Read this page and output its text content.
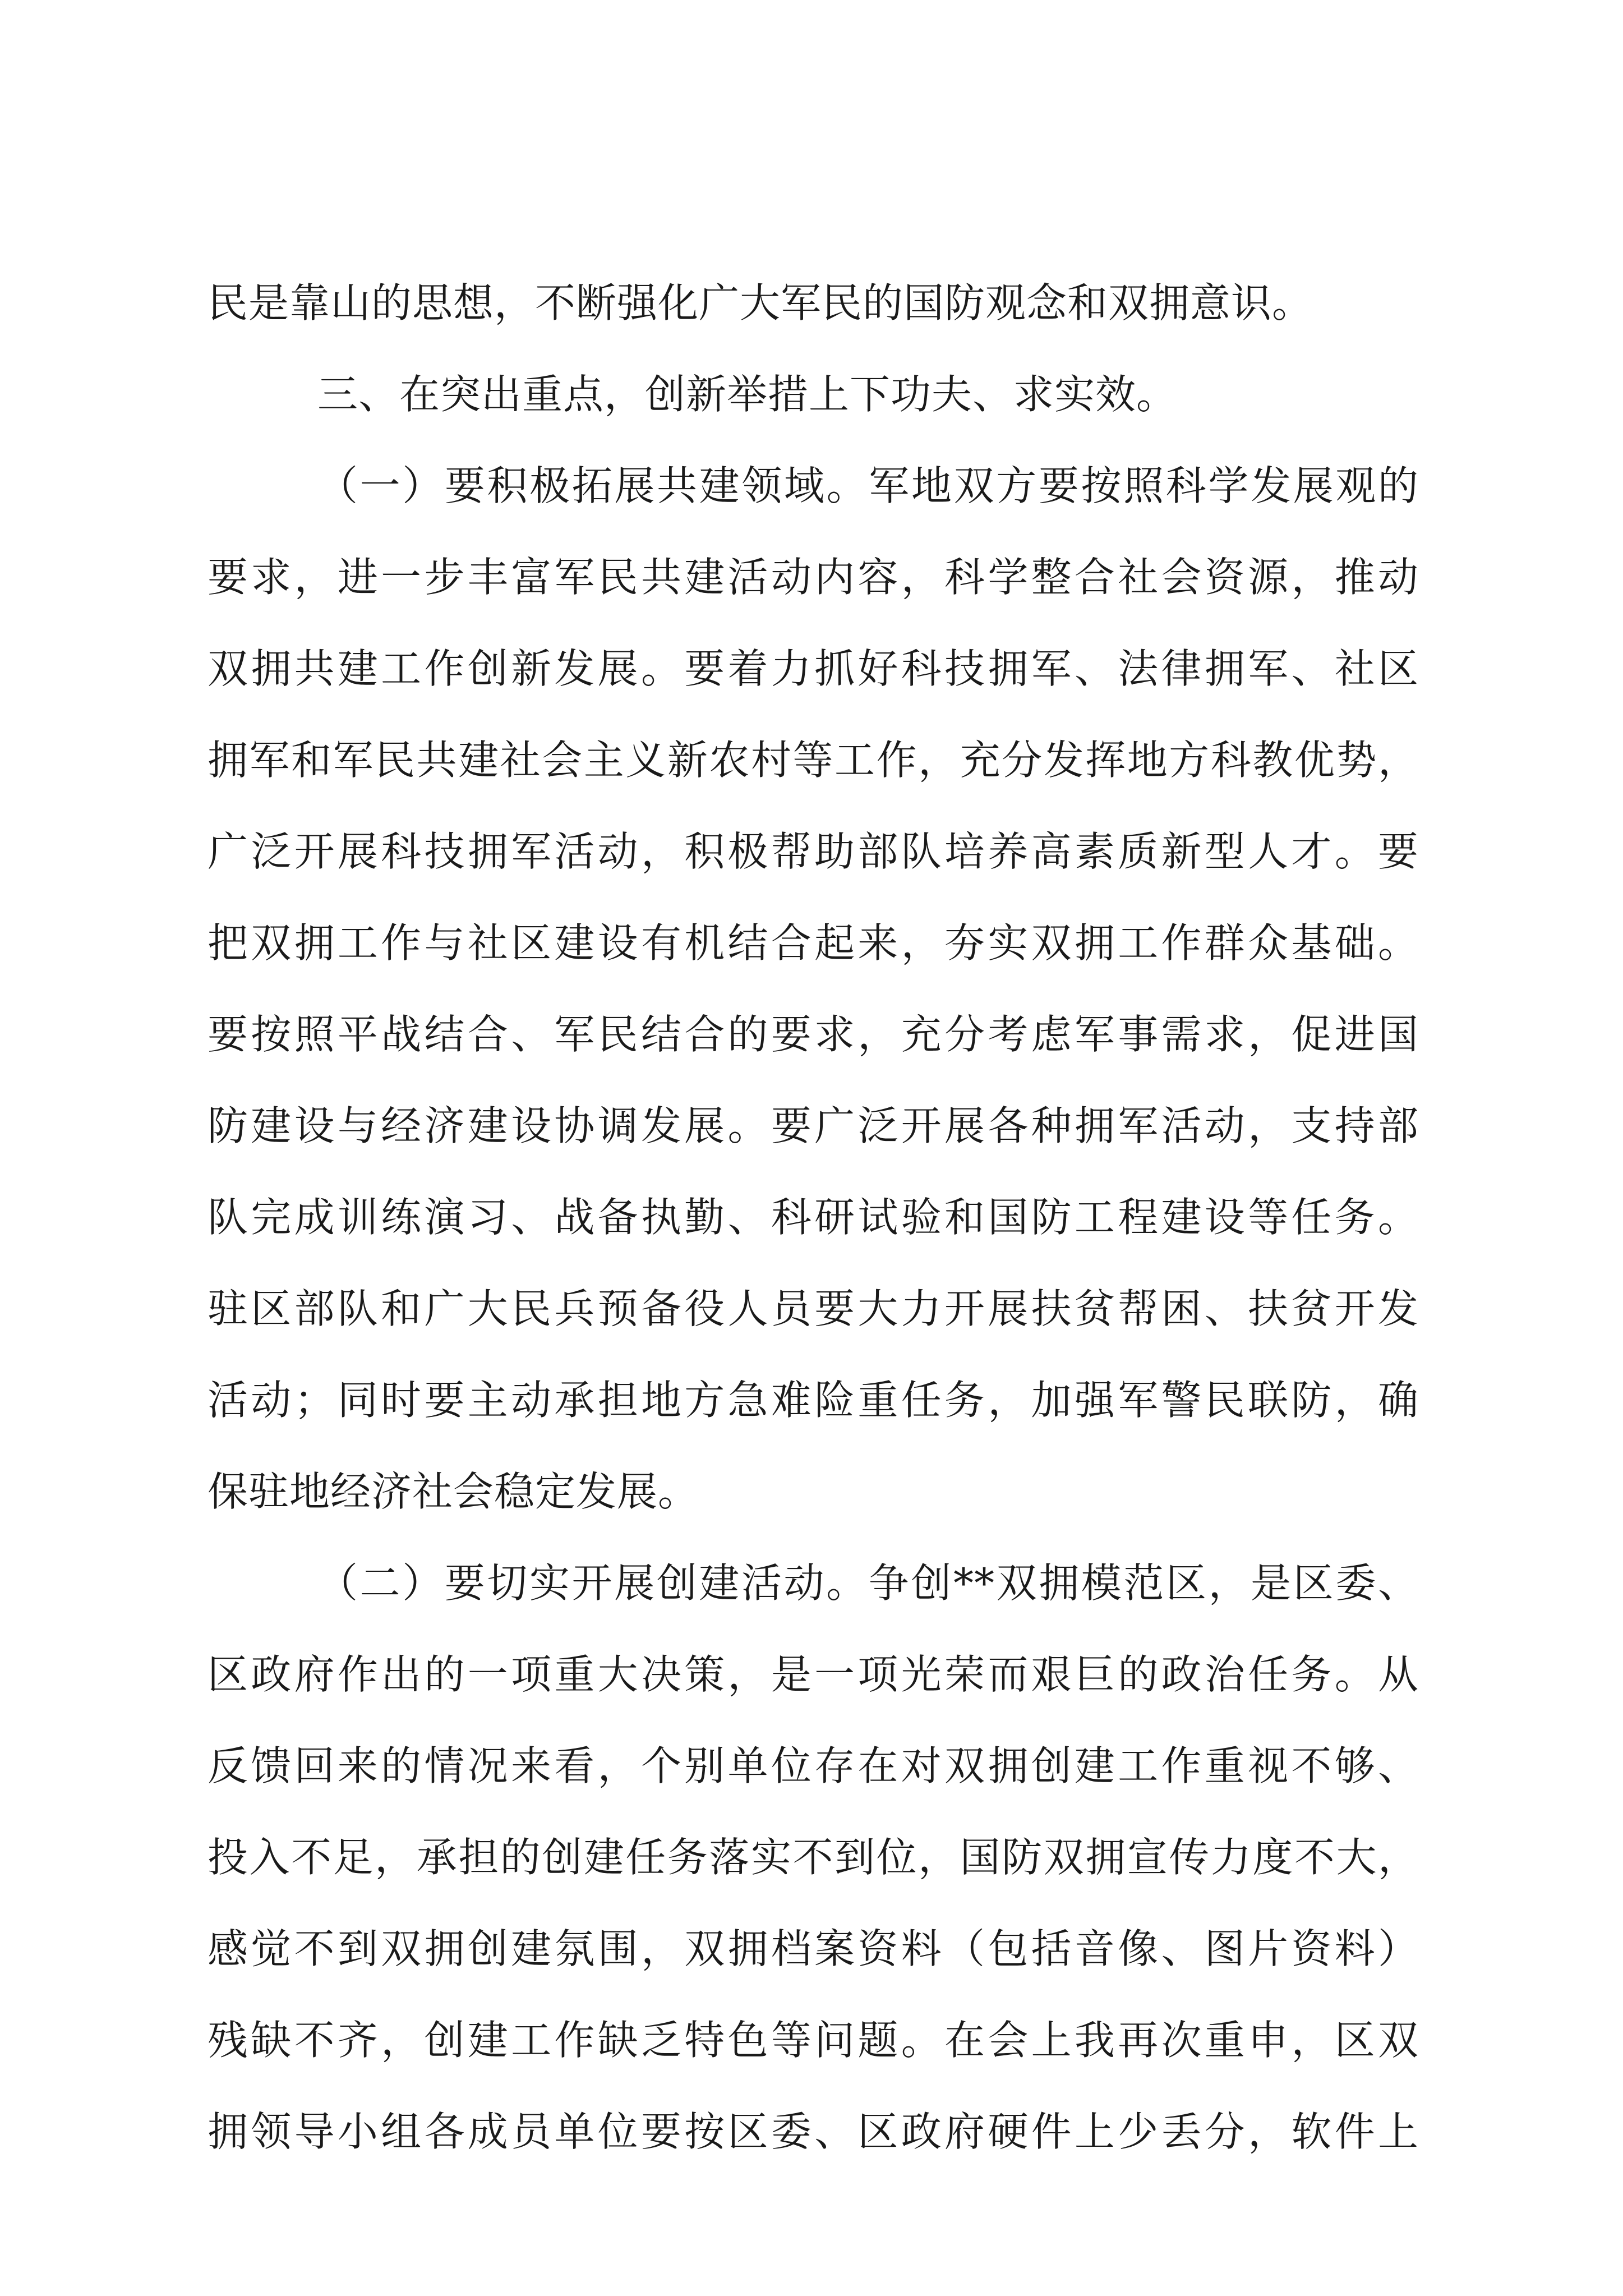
民是靠山的思想，不断强化广大军民的国防观念和双拥意识。
三、在突出重点，创新举措上下功夫、求实效。
（一）要积极拓展共建领域。军地双方要按照科学发展观的
要求，进一步丰富军民共建活动内容，科学整合社会资源，推动
双拥共建工作创新发展。要着力抓好科技拥军、法律拥军、社区
拥军和军民共建社会主义新农村等工作，充分发挥地方科教优势，
广泛开展科技拥军活动，积极帮助部队培养高素质新型人才。要
把双拥工作与社区建设有机结合起来，夯实双拥工作群众基础。
要按照平战结合、军民结合的要求，充分考虑军事需求，促进国
防建设与经济建设协调发展。要广泛开展各种拥军活动，支持部
队完成训练演习、战备执勤、科研试验和国防工程建设等任务。
驻区部队和广大民兵预备役人员要大力开展扶贫帮困、扶贫开发
活动；同时要主动承担地方急难险重任务，加强军警民联防，确
保驻地经济社会稳定发展。
（二）要切实开展创建活动。争创**双拥模范区，是区委、
区政府作出的一项重大决策，是一项光荣而艰巨的政治任务。从
反馈回来的情况来看，个别单位存在对双拥创建工作重视不够、
投入不足，承担的创建任务落实不到位，国防双拥宣传力度不大，
感觉不到双拥创建氛围，双拥档案资料（包括音像、图片资料）
残缺不齐，创建工作缺乏特色等问题。在会上我再次重申，区双
拥领导小组各成员单位要按区委、区政府硬件上少丢分，软件上
